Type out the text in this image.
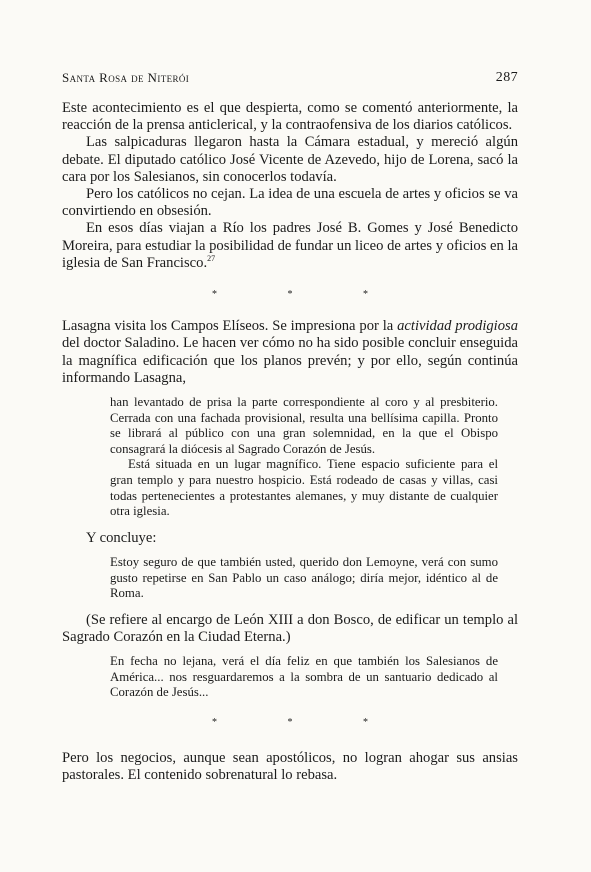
Santa Rosa de Niterói	287

Este acontecimiento es el que despierta, como se comentó anteriormente, la reacción de la prensa anticlerical, y la contraofensiva de los diarios católicos.

Las salpicaduras llegaron hasta la Cámara estadual, y mereció algún debate. El diputado católico José Vicente de Azevedo, hijo de Lorena, sacó la cara por los Salesianos, sin conocerlos todavía.

Pero los católicos no cejan. La idea de una escuela de artes y oficios se va convirtiendo en obsesión.

En esos días viajan a Río los padres José B. Gomes y José Benedicto Moreira, para estudiar la posibilidad de fundar un liceo de artes y oficios en la iglesia de San Francisco.$^{27}$

* * *

Lasagna visita los Campos Elíseos. Se impresiona por la actividad prodigiosa del doctor Saladino. Le hacen ver cómo no ha sido posible concluir enseguida la magnífica edificación que los planos prevén; y por ello, según continúa informando Lasagna,

han levantado de prisa la parte correspondiente al coro y al presbiterio. Cerrada con una fachada provisional, resulta una bellísima capilla. Pronto se librará al público con una gran solemnidad, en la que el Obispo consagrará la diócesis al Sagrado Corazón de Jesús.

Está situada en un lugar magnífico. Tiene espacio suficiente para el gran templo y para nuestro hospicio. Está rodeado de casas y villas, casi todas pertenecientes a protestantes alemanes, y muy distante de cualquier otra iglesia.

Y concluye:

Estoy seguro de que también usted, querido don Lemoyne, verá con sumo gusto repetirse en San Pablo un caso análogo; diría mejor, idéntico al de Roma.

(Se refiere al encargo de León XIII a don Bosco, de edificar un templo al Sagrado Corazón en la Ciudad Eterna.)

En fecha no lejana, verá el día feliz en que también los Salesianos de América... nos resguardaremos a la sombra de un santuario dedicado al Corazón de Jesús...

* * *

Pero los negocios, aunque sean apostólicos, no logran ahogar sus ansias pastorales. El contenido sobrenatural lo rebasa.
